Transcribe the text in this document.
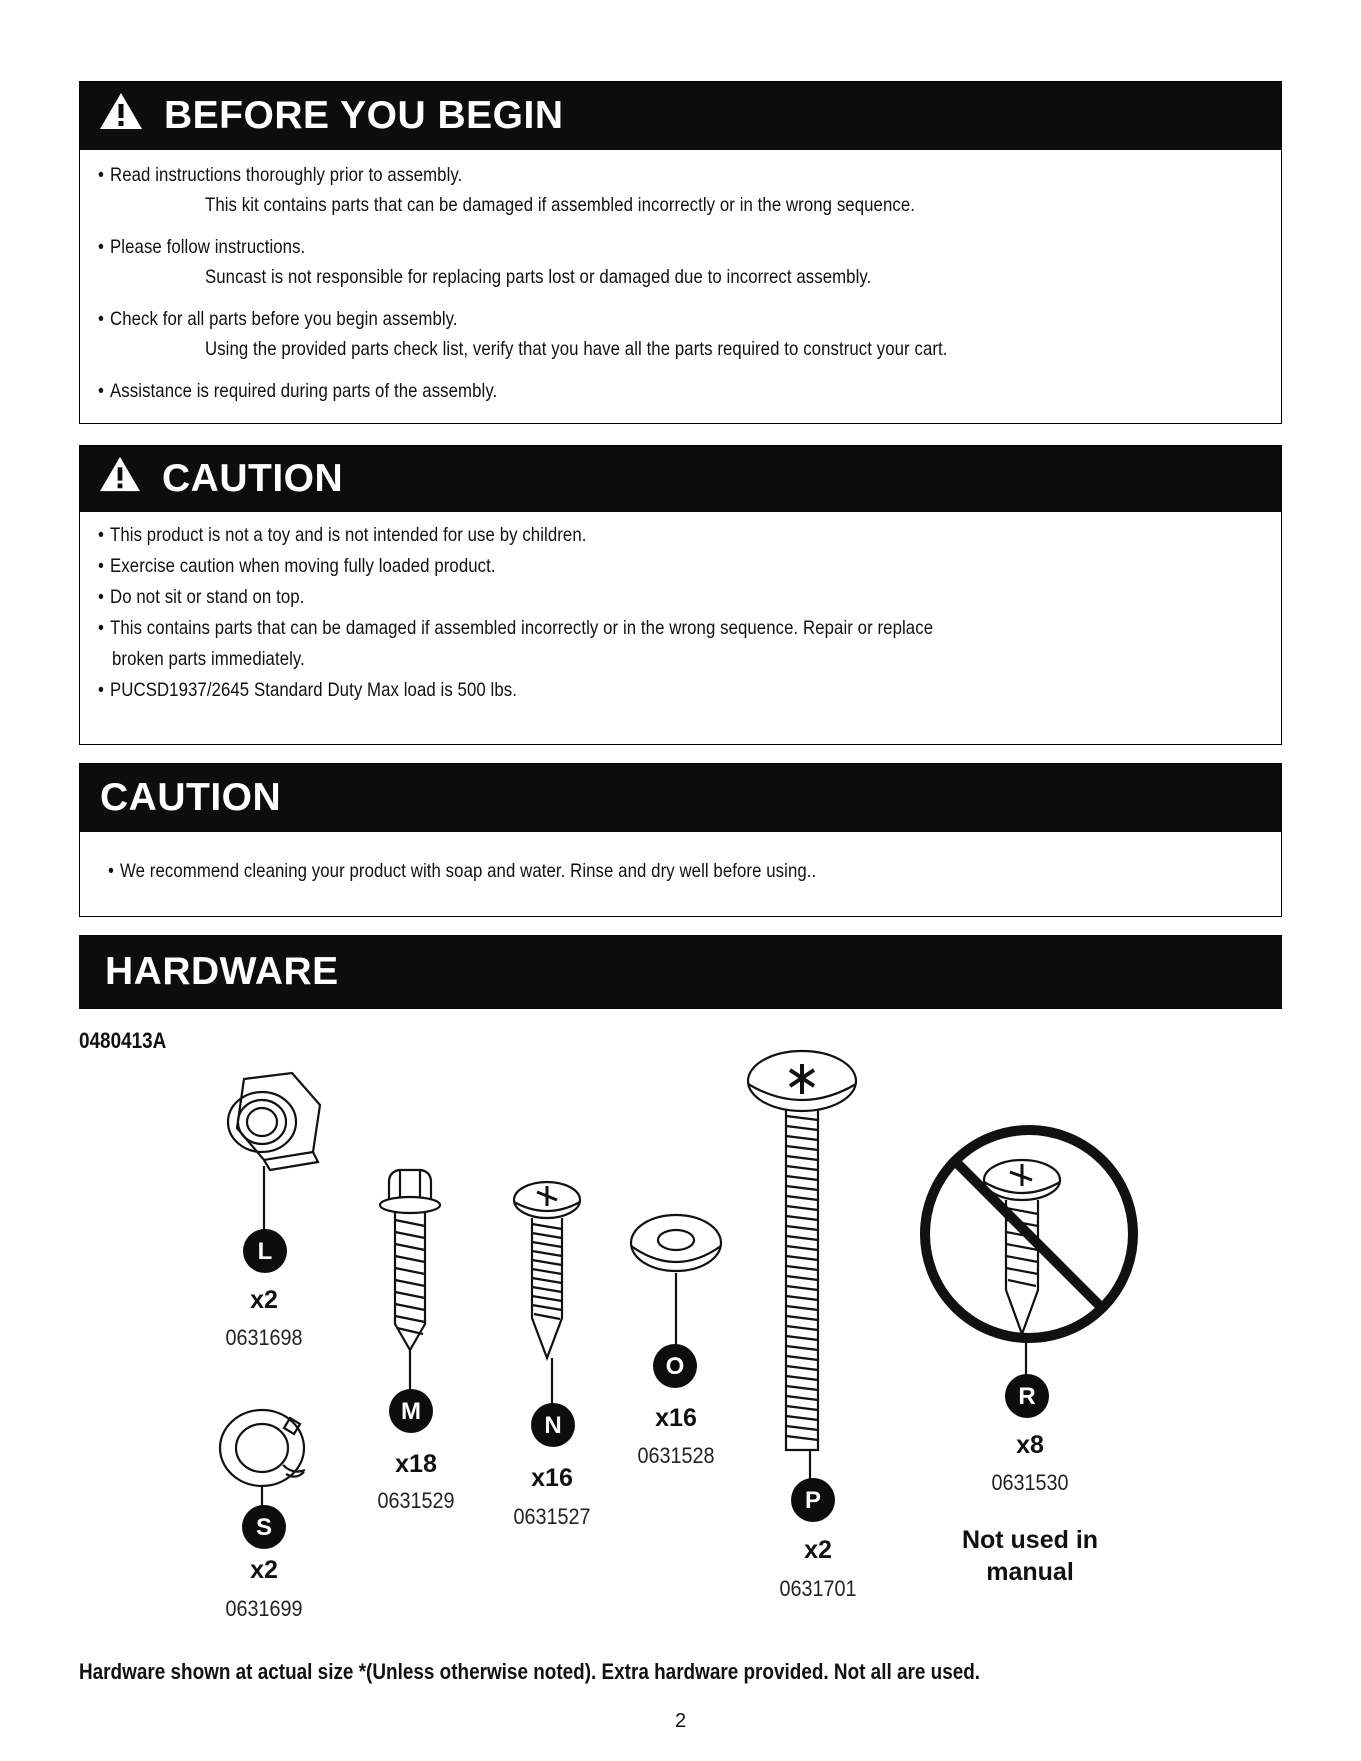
BEFORE YOU BEGIN
• Read instructions thoroughly prior to assembly.
This kit contains parts that can be damaged if assembled incorrectly or in the wrong sequence.
• Please follow instructions.
Suncast is not responsible for replacing parts lost or damaged due to incorrect assembly.
• Check for all parts before you begin assembly.
Using the provided parts check list, verify that you have all the parts required to construct your cart.
• Assistance is required during parts of the assembly.
CAUTION
• This product is not a toy and is not intended for use by children.
• Exercise caution when moving fully loaded product.
• Do not sit or stand on top.
• This contains parts that can be damaged if assembled incorrectly or in the wrong sequence. Repair or replace
broken parts immediately.
• PUCSD1937/2645 Standard Duty Max load is 500 lbs.
CAUTION
• We recommend cleaning your product with soap and water. Rinse and dry well before using..
HARDWARE
0480413A
L
S
M
N
O
P
R
x2
0631698
x2
0631699
x18
0631529
x16
0631527
x16
0631528
x2
0631701
x8
0631530
Not used in
manual
Hardware shown at actual size *(Unless otherwise noted). Extra hardware provided. Not all are used.
2
